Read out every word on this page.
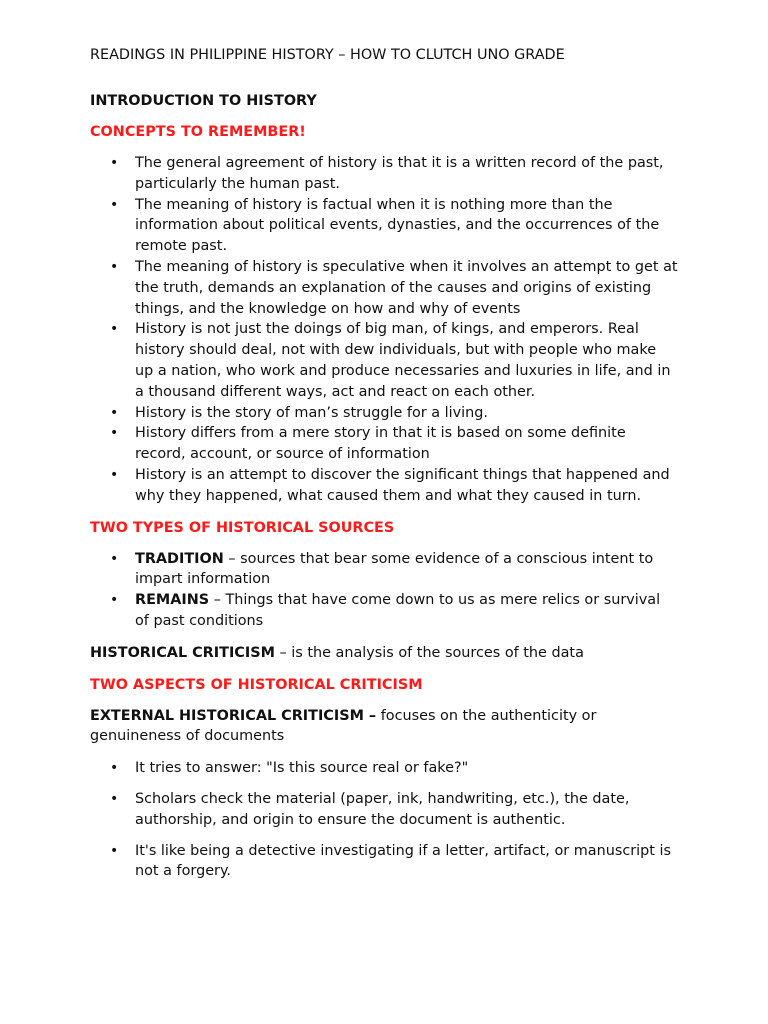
READINGS IN PHILIPPINE HISTORY – HOW TO CLUTCH UNO GRADE
INTRODUCTION TO HISTORY
CONCEPTS TO REMEMBER!
• The general agreement of history is that it is a written record of the past, particularly the human past.
• The meaning of history is factual when it is nothing more than the information about political events, dynasties, and the occurrences of the remote past.
• The meaning of history is speculative when it involves an attempt to get at the truth, demands an explanation of the causes and origins of existing things, and the knowledge on how and why of events
• History is not just the doings of big man, of kings, and emperors. Real history should deal, not with dew individuals, but with people who make up a nation, who work and produce necessaries and luxuries in life, and in a thousand different ways, act and react on each other.
• History is the story of man’s struggle for a living.
• History differs from a mere story in that it is based on some definite record, account, or source of information
• History is an attempt to discover the significant things that happened and why they happened, what caused them and what they caused in turn.
TWO TYPES OF HISTORICAL SOURCES
• TRADITION – sources that bear some evidence of a conscious intent to impart information
• REMAINS – Things that have come down to us as mere relics or survival of past conditions
HISTORICAL CRITICISM – is the analysis of the sources of the data
TWO ASPECTS OF HISTORICAL CRITICISM
EXTERNAL HISTORICAL CRITICISM – focuses on the authenticity or genuineness of documents
• It tries to answer: "Is this source real or fake?"
• Scholars check the material (paper, ink, handwriting, etc.), the date, authorship, and origin to ensure the document is authentic.
• It's like being a detective investigating if a letter, artifact, or manuscript is not a forgery.
